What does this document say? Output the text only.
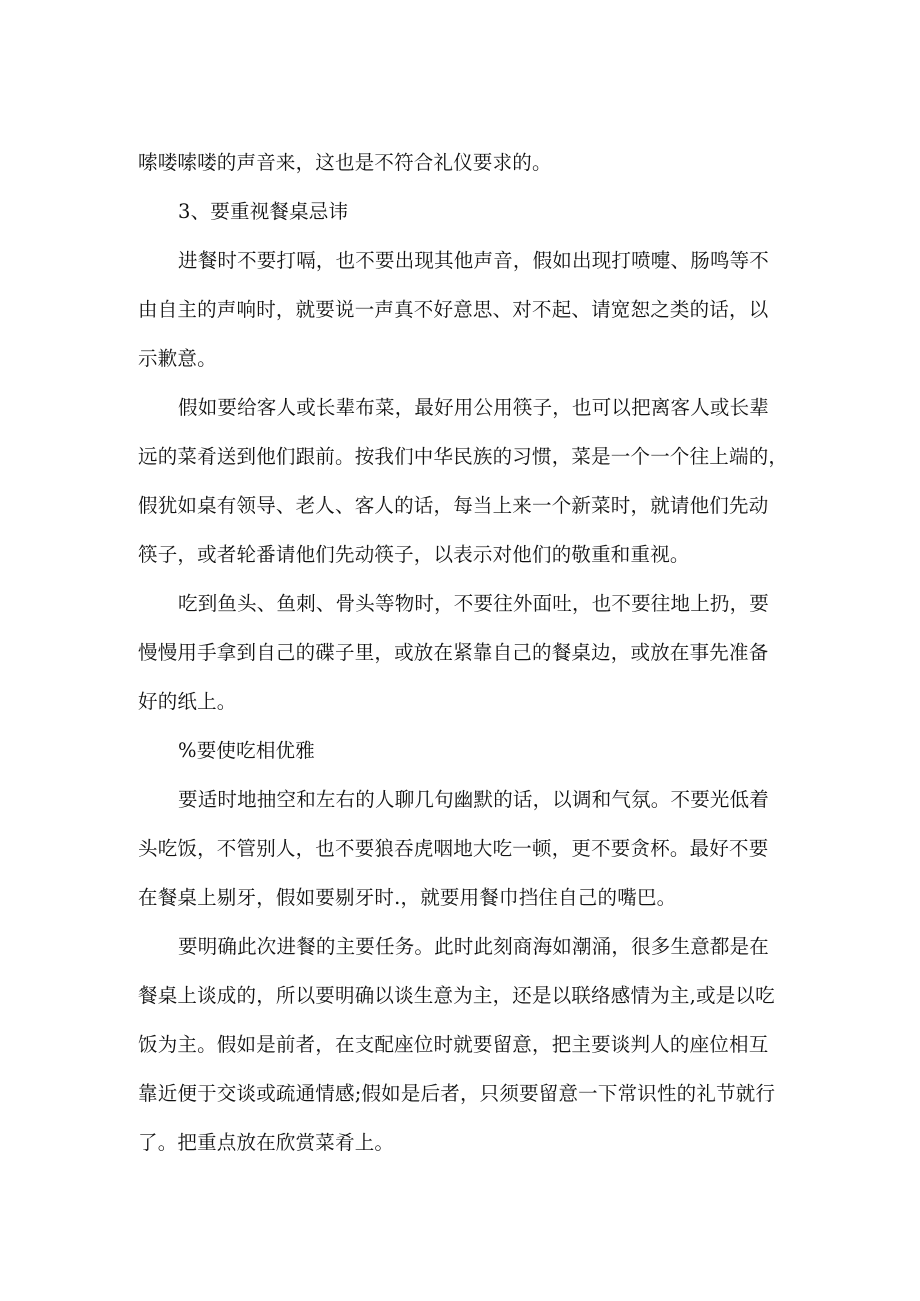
嗦喽嗦喽的声音来，这也是不符合礼仪要求的。
3、要重视餐桌忌讳
进餐时不要打嗝，也不要出现其他声音，假如出现打喷嚏、肠鸣等不
由自主的声响时，就要说一声真不好意思、对不起、请宽恕之类的话，以
示歉意。
假如要给客人或长辈布菜，最好用公用筷子，也可以把离客人或长辈
远的菜肴送到他们跟前。按我们中华民族的习惯，菜是一个一个往上端的，
假犹如桌有领导、老人、客人的话，每当上来一个新菜时，就请他们先动
筷子，或者轮番请他们先动筷子，以表示对他们的敬重和重视。
吃到鱼头、鱼刺、骨头等物时，不要往外面吐，也不要往地上扔，要
慢慢用手拿到自己的碟子里，或放在紧靠自己的餐桌边，或放在事先准备
好的纸上。
%要使吃相优雅
要适时地抽空和左右的人聊几句幽默的话，以调和气氛。不要光低着
头吃饭，不管别人，也不要狼吞虎咽地大吃一顿，更不要贪杯。最好不要
在餐桌上剔牙，假如要剔牙时.，就要用餐巾挡住自己的嘴巴。
要明确此次进餐的主要任务。此时此刻商海如潮涌，很多生意都是在
餐桌上谈成的，所以要明确以谈生意为主，还是以联络感情为主,或是以吃
饭为主。假如是前者，在支配座位时就要留意，把主要谈判人的座位相互
靠近便于交谈或疏通情感;假如是后者，只须要留意一下常识性的礼节就行
了。把重点放在欣赏菜肴上。
